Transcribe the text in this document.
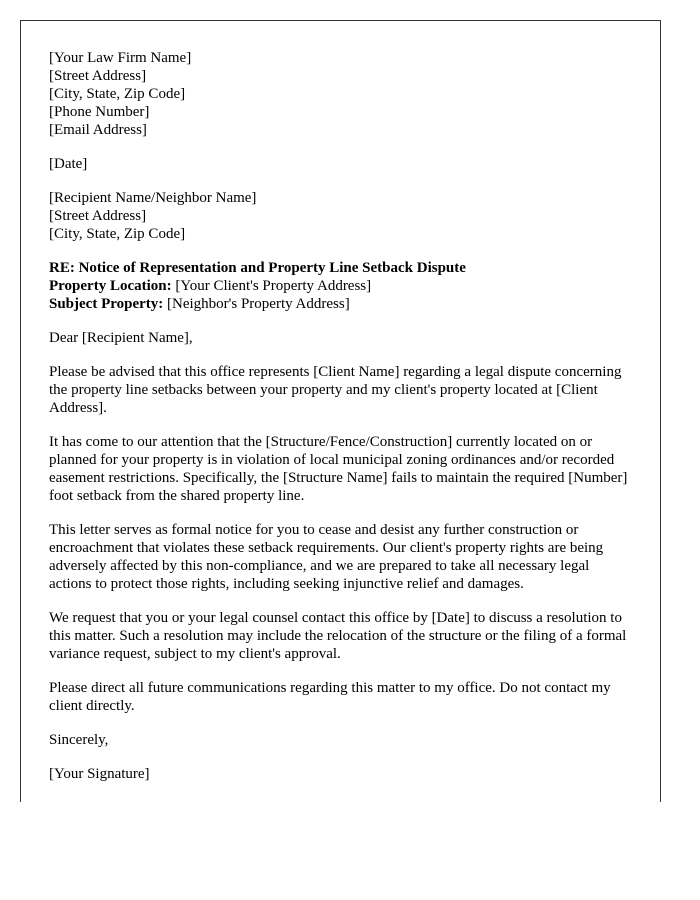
[Your Law Firm Name]
[Street Address]
[City, State, Zip Code]
[Phone Number]
[Email Address]
[Date]
[Recipient Name/Neighbor Name]
[Street Address]
[City, State, Zip Code]
RE: Notice of Representation and Property Line Setback Dispute
Property Location: [Your Client's Property Address]
Subject Property: [Neighbor's Property Address]

Dear [Recipient Name],

Please be advised that this office represents [Client Name] regarding a legal dispute concerning the property line setbacks between your property and my client's property located at [Client Address].

It has come to our attention that the [Structure/Fence/Construction] currently located on or planned for your property is in violation of local municipal zoning ordinances and/or recorded easement restrictions. Specifically, the [Structure Name] fails to maintain the required [Number] foot setback from the shared property line.

This letter serves as formal notice for you to cease and desist any further construction or encroachment that violates these setback requirements. Our client's property rights are being adversely affected by this non-compliance, and we are prepared to take all necessary legal actions to protect those rights, including seeking injunctive relief and damages.

We request that you or your legal counsel contact this office by [Date] to discuss a resolution to this matter. Such a resolution may include the relocation of the structure or the filing of a formal variance request, subject to my client's approval.

Please direct all future communications regarding this matter to my office. Do not contact my client directly.

Sincerely,

[Your Signature]
